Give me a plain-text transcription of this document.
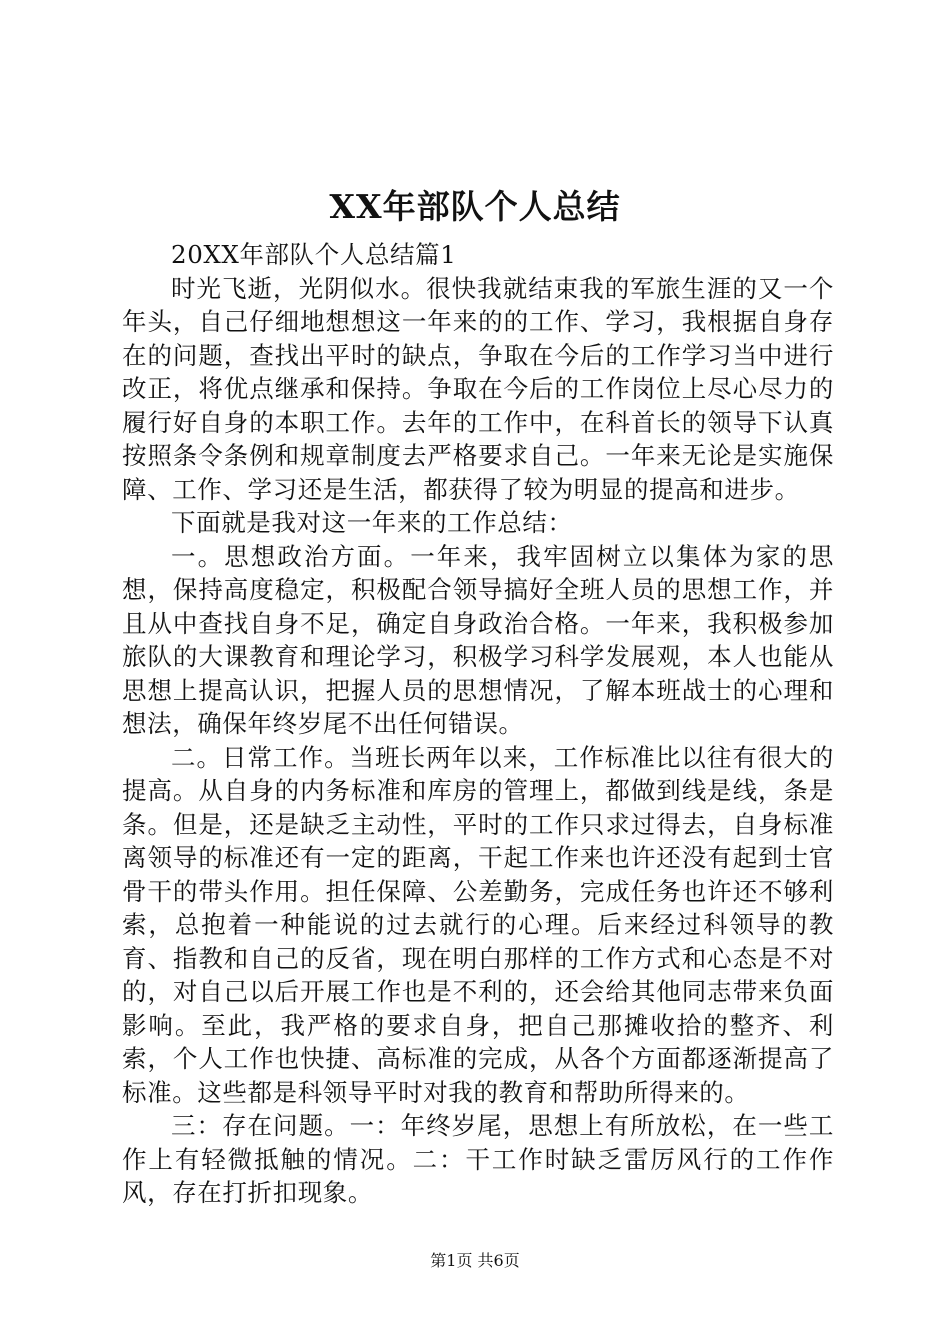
XX年部队个人总结

20XX年部队个人总结篇1

时光飞逝，光阴似水。很快我就结束我的军旅生涯的又一个年头，自己仔细地想想这一年来的的工作、学习，我根据自身存在的问题，查找出平时的缺点，争取在今后的工作学习当中进行改正，将优点继承和保持。争取在今后的工作岗位上尽心尽力的履行好自身的本职工作。去年的工作中，在科首长的领导下认真按照条令条例和规章制度去严格要求自己。一年来无论是实施保障、工作、学习还是生活，都获得了较为明显的提高和进步。

下面就是我对这一年来的工作总结：

一。思想政治方面。一年来，我牢固树立以集体为家的思想，保持高度稳定，积极配合领导搞好全班人员的思想工作，并且从中查找自身不足，确定自身政治合格。一年来，我积极参加旅队的大课教育和理论学习，积极学习科学发展观，本人也能从思想上提高认识，把握人员的思想情况，了解本班战士的心理和想法，确保年终岁尾不出任何错误。

二。日常工作。当班长两年以来，工作标准比以往有很大的提高。从自身的内务标准和库房的管理上，都做到线是线，条是条。但是，还是缺乏主动性，平时的工作只求过得去，自身标准离领导的标准还有一定的距离，干起工作来也许还没有起到士官骨干的带头作用。担任保障、公差勤务，完成任务也许还不够利索，总抱着一种能说的过去就行的心理。后来经过科领导的教育、指教和自己的反省，现在明白那样的工作方式和心态是不对的，对自己以后开展工作也是不利的，还会给其他同志带来负面影响。至此，我严格的要求自身，把自己那摊收拾的整齐、利索，个人工作也快捷、高标准的完成，从各个方面都逐渐提高了标准。这些都是科领导平时对我的教育和帮助所得来的。

三：存在问题。一：年终岁尾，思想上有所放松，在一些工作上有轻微抵触的情况。二：干工作时缺乏雷厉风行的工作作风，存在打折扣现象。

第1页 共6页
